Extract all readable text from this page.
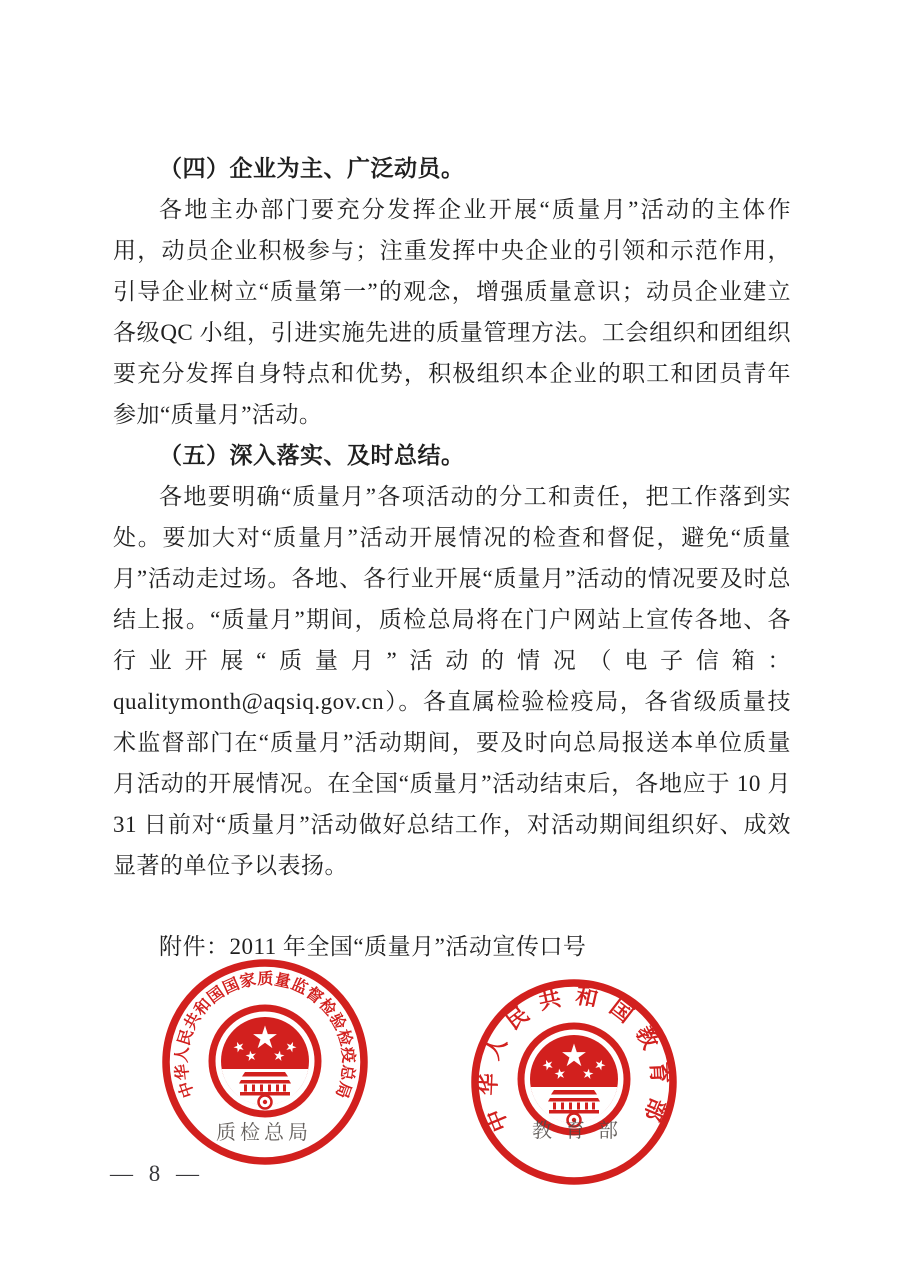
（四）企业为主、广泛动员。

各地主办部门要充分发挥企业开展“质量月”活动的主体作用，动员企业积极参与；注重发挥中央企业的引领和示范作用，引导企业树立“质量第一”的观念，增强质量意识；动员企业建立各级QC 小组，引进实施先进的质量管理方法。工会组织和团组织要充分发挥自身特点和优势，积极组织本企业的职工和团员青年参加“质量月”活动。

（五）深入落实、及时总结。

各地要明确“质量月”各项活动的分工和责任，把工作落到实处。要加大对“质量月”活动开展情况的检查和督促，避免“质量月”活动走过场。各地、各行业开展“质量月”活动的情况要及时总结上报。“质量月”期间，质检总局将在门户网站上宣传各地、各行业开展“质量月”活动的情况（电子信箱：qualitymonth@aqsiq.gov.cn）。各直属检验检疫局，各省级质量技术监督部门在“质量月”活动期间，要及时向总局报送本单位质量月活动的开展情况。在全国“质量月”活动结束后，各地应于 10 月 31 日前对“质量月”活动做好总结工作，对活动期间组织好、成效显著的单位予以表扬。

附件：2011 年全国“质量月”活动宣传口号

中华人民共和国国家质量监督检验检疫总局
质检总局	中华人民共和国教育部
教 育 部
— 8 —
